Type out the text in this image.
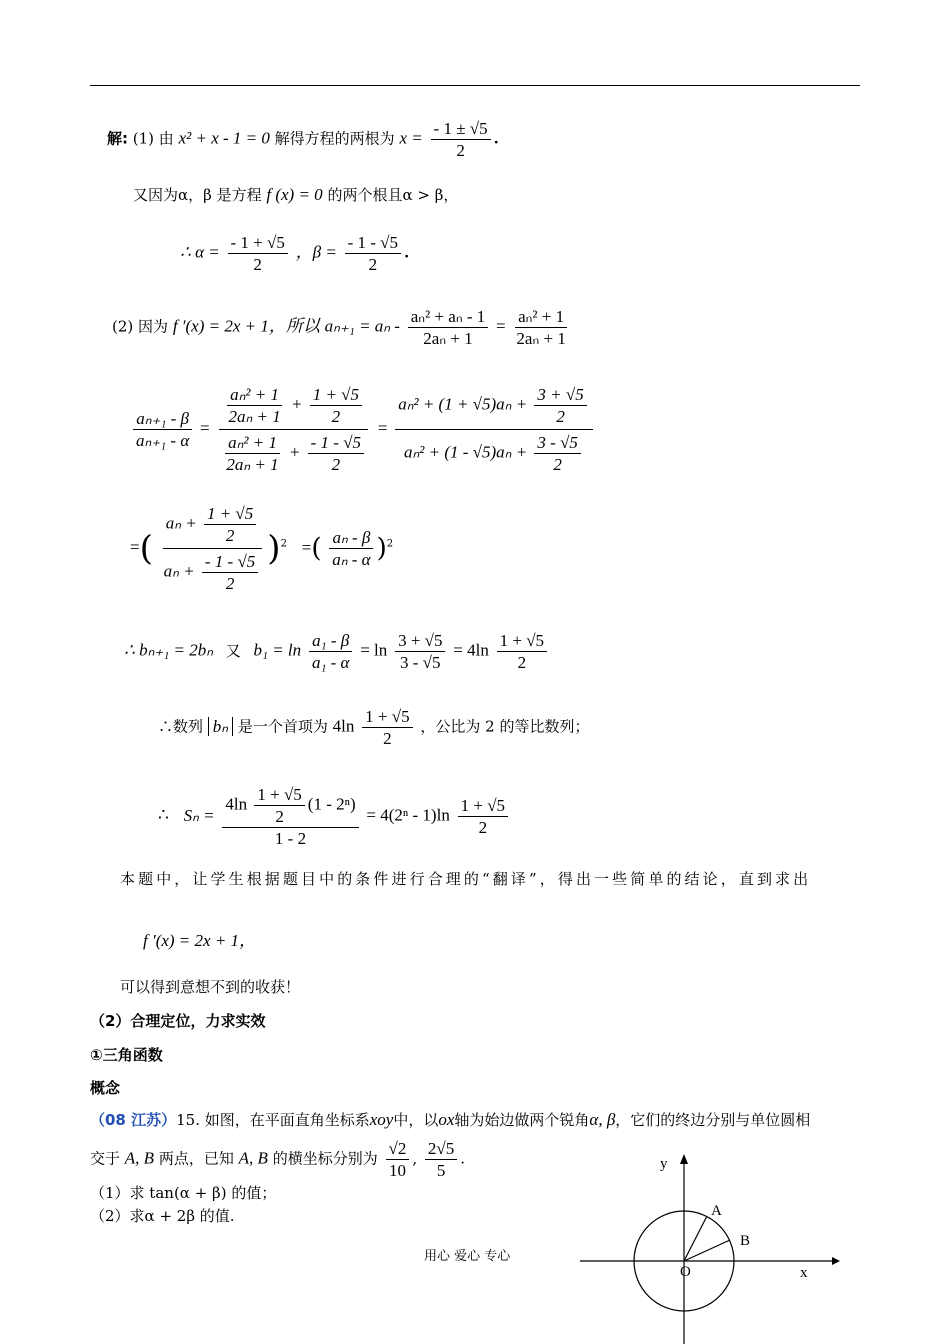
解: (1) 由 x² + x - 1 = 0 解得方程的两根为 $x = \frac{- 1 \pm √5}{2}$ .
又因为α，β 是方程 f (x) = 0 的两个根且α > β，
∴ $\alpha = \frac{- 1 + √5}{2}$ ，$\beta = \frac{- 1 - √5}{2}$ .
(2) 因为 f ′(x) = 2x + 1，所以 $a_{n+1} = a_n - \frac{\text{aₙ² + aₙ - 1}}{\text{2aₙ + 1}} = \frac{\text{aₙ² + 1}}{\text{2aₙ + 1}}$
$\frac{\text{aₙ₊₁ - β}}{\text{aₙ₊₁ - α}} = \frac{\frac{\text{aₙ² + 1}}{\text{2aₙ + 1}} + \frac{1 + √5}{2}}{\frac{\text{aₙ² + 1}}{\text{2aₙ + 1}} + \frac{- 1 - √5}{2}} = \frac{a_n^2 + (1 + √5)a_n + \frac{3 + √5}{2}}{a_n^2 + (1 - √5)a_n + \frac{3 - √5}{2}}$
=( $\frac{a_n + \frac{1 + √5}{2}}{a_n + \frac{- 1 - √5}{2}} )^2$ =( $\frac{\text{aₙ - β}}{\text{aₙ - α}} )^2$
∴ bₙ₊₁ = 2bₙ 又 $b_1 = \ln \frac{\text{a₁ - β}}{\text{a₁ - α}} = \ln \frac{3 + √5}{3 - √5} = 4\ln \frac{1 + √5}{2}$
∴数列 bₙ 是一个首项为 $4\ln \frac{1 + √5}{2}$ ，公比为 2 的等比数列；
∴ $S_n = \frac{4\ln \frac{1 + √5}{2} (1 - 2^n)}{1 - 2} = 4(2^n - 1)\ln \frac{1 + √5}{2}$
本题中，让学生根据题目中的条件进行合理的“翻译”，得出一些简单的结论，直到求出
f ′(x) = 2x + 1，
可以得到意想不到的收获！
（2）合理定位，力求实效
①三角函数
概念
（08 江苏）15. 如图，在平面直角坐标系xoy中，以ox轴为始边做两个锐角α, β，它们的终边分别与单位圆相
交于 A, B 两点，已知 A, B 的横坐标分别为 $\frac{√2}{10}$ , $\frac{2√5}{5}$ .
（1）求 tan(α + β) 的值；
（2）求α + 2β 的值.
y
x
O
A
B
用心 爱心 专心
